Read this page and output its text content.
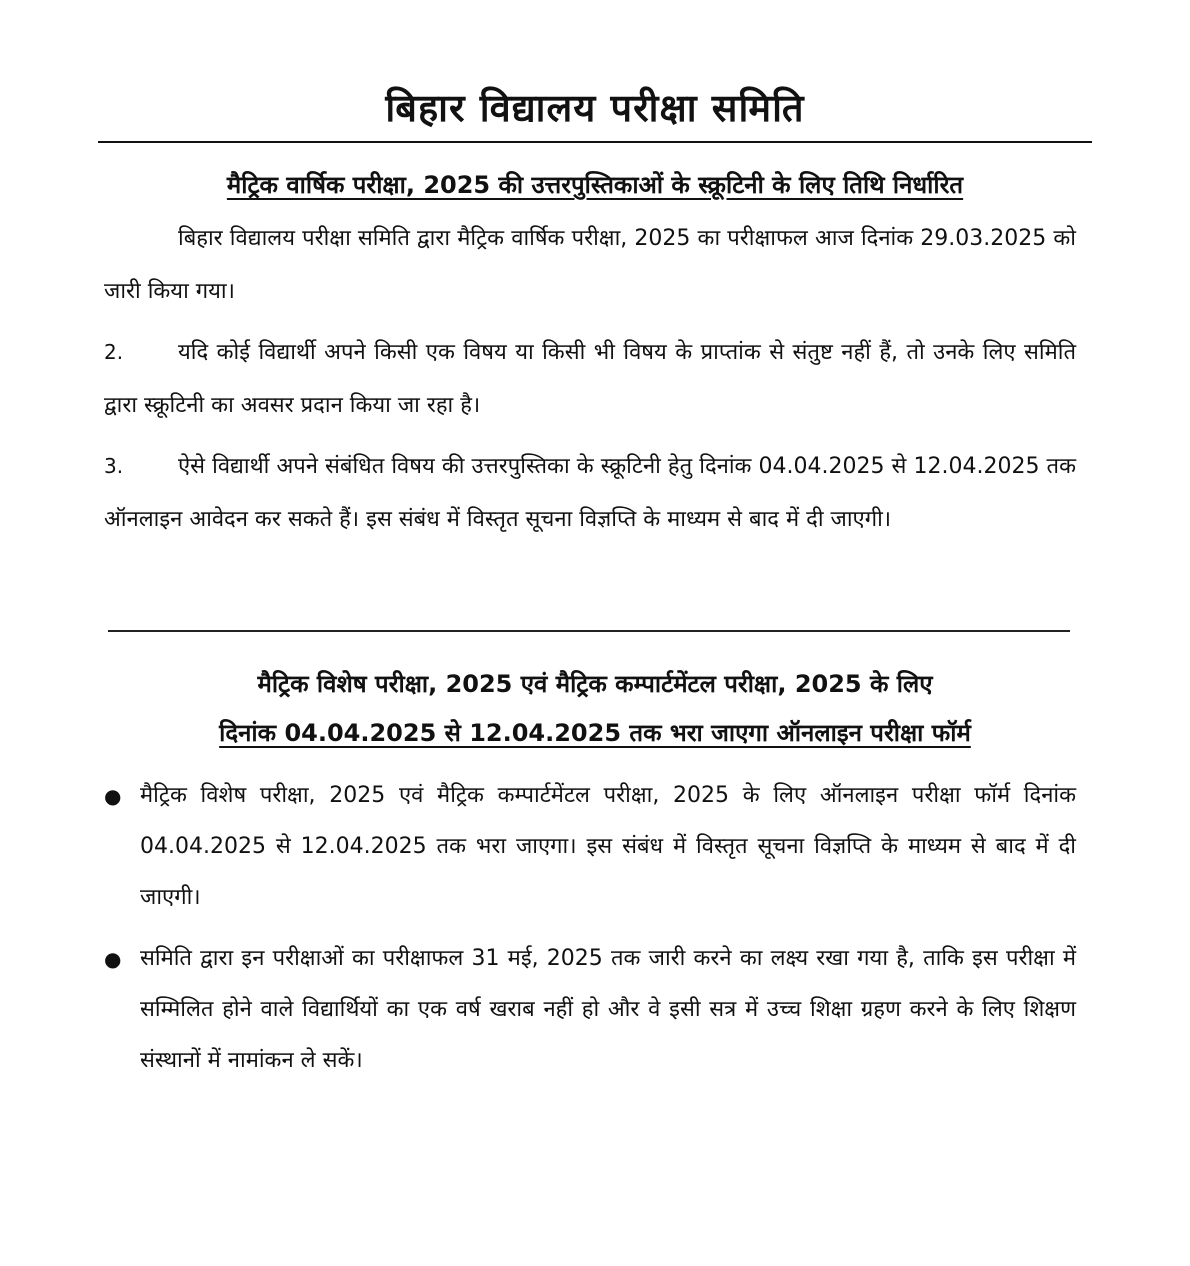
बिहार विद्यालय परीक्षा समिति
मैट्रिक वार्षिक परीक्षा, 2025 की उत्तरपुस्तिकाओं के स्क्रूटिनी के लिए तिथि निर्धारित
बिहार विद्यालय परीक्षा समिति द्वारा मैट्रिक वार्षिक परीक्षा, 2025 का परीक्षाफल आज दिनांक 29.03.2025 को जारी किया गया।
2. यदि कोई विद्यार्थी अपने किसी एक विषय या किसी भी विषय के प्राप्तांक से संतुष्ट नहीं हैं, तो उनके लिए समिति द्वारा स्क्रूटिनी का अवसर प्रदान किया जा रहा है।
3. ऐसे विद्यार्थी अपने संबंधित विषय की उत्तरपुस्तिका के स्क्रूटिनी हेतु दिनांक 04.04.2025 से 12.04.2025 तक ऑनलाइन आवेदन कर सकते हैं। इस संबंध में विस्तृत सूचना विज्ञप्ति के माध्यम से बाद में दी जाएगी।
मैट्रिक विशेष परीक्षा, 2025 एवं मैट्रिक कम्पार्टमेंटल परीक्षा, 2025 के लिए
दिनांक 04.04.2025 से 12.04.2025 तक भरा जाएगा ऑनलाइन परीक्षा फॉर्म
● मैट्रिक विशेष परीक्षा, 2025 एवं मैट्रिक कम्पार्टमेंटल परीक्षा, 2025 के लिए ऑनलाइन परीक्षा फॉर्म दिनांक 04.04.2025 से 12.04.2025 तक भरा जाएगा। इस संबंध में विस्तृत सूचना विज्ञप्ति के माध्यम से बाद में दी जाएगी।
● समिति द्वारा इन परीक्षाओं का परीक्षाफल 31 मई, 2025 तक जारी करने का लक्ष्य रखा गया है, ताकि इस परीक्षा में सम्मिलित होने वाले विद्यार्थियों का एक वर्ष खराब नहीं हो और वे इसी सत्र में उच्च शिक्षा ग्रहण करने के लिए शिक्षण संस्थानों में नामांकन ले सकें।
